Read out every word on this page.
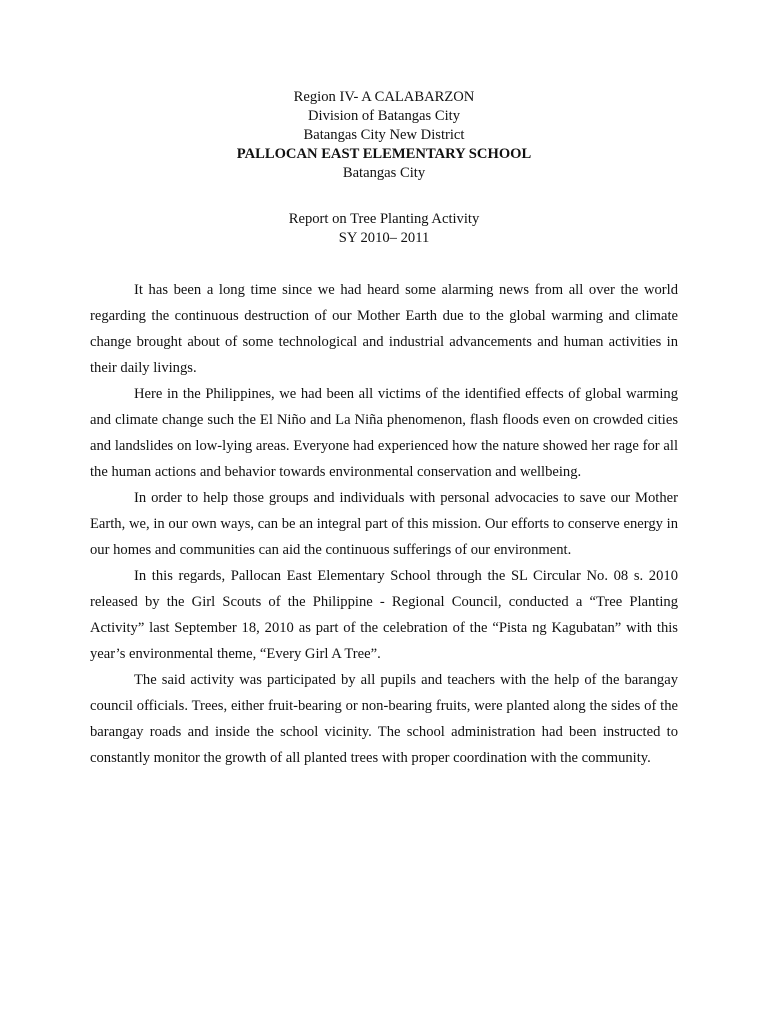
Region IV- A CALABARZON
Division of Batangas City
Batangas City New District
PALLOCAN EAST ELEMENTARY SCHOOL
Batangas City
Report on Tree Planting Activity
SY 2010– 2011

It has been a long time since we had heard some alarming news from all over the world regarding the continuous destruction of our Mother Earth due to the global warming and climate change brought about of some technological and industrial advancements and human activities in their daily livings.

Here in the Philippines, we had been all victims of the identified effects of global warming and climate change such the El Niño and La Niña phenomenon, flash floods even on crowded cities and landslides on low-lying areas. Everyone had experienced how the nature showed her rage for all the human actions and behavior towards environmental conservation and wellbeing.

In order to help those groups and individuals with personal advocacies to save our Mother Earth, we, in our own ways, can be an integral part of this mission. Our efforts to conserve energy in our homes and communities can aid the continuous sufferings of our environment.

In this regards, Pallocan East Elementary School through the SL Circular No. 08 s. 2010 released by the Girl Scouts of the Philippine - Regional Council, conducted a “Tree Planting Activity” last September 18, 2010 as part of the celebration of the “Pista ng Kagubatan” with this year’s environmental theme, “Every Girl A Tree”.

The said activity was participated by all pupils and teachers with the help of the barangay council officials. Trees, either fruit-bearing or non-bearing fruits, were planted along the sides of the barangay roads and inside the school vicinity. The school administration had been instructed to constantly monitor the growth of all planted trees with proper coordination with the community.
